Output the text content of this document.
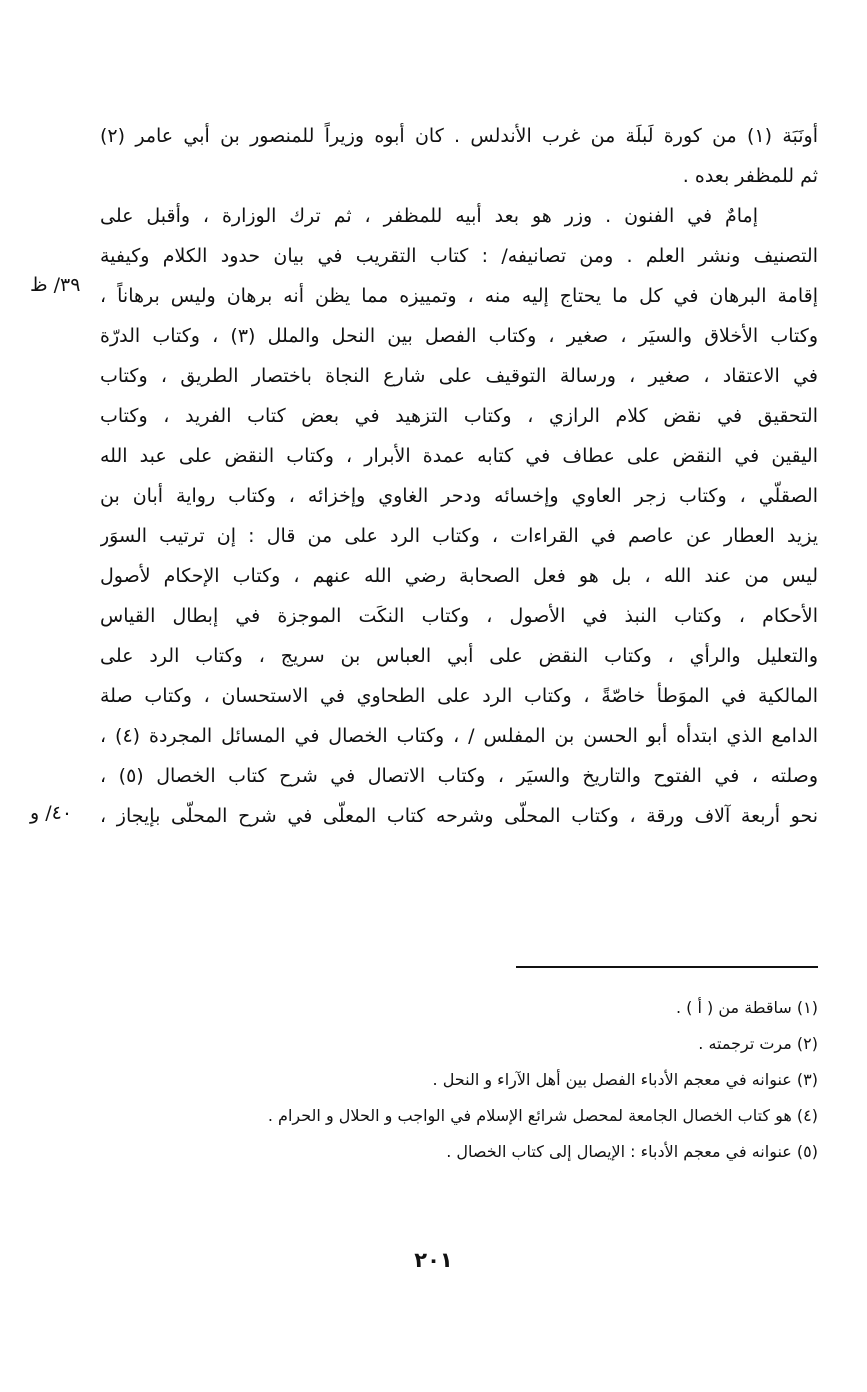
أونَبَة (١) من كورة لَبلَة من غرب الأندلس . كان أبوه وزيراً للمنصور بن أبي عامر (٢)
ثم للمظفر بعده .
إمامٌ في الفنون . وزر هو بعد أبيه للمظفر ، ثم ترك الوزارة ، وأقبل على
التصنيف ونشر العلم . ومن تصانيفه/ : كتاب التقريب في بيان حدود الكلام وكيفية
إقامة البرهان في كل ما يحتاج إليه منه ، وتمييزه مما يظن أنه برهان وليس برهاناً ،
وكتاب الأخلاق والسيَر ، صغير ، وكتاب الفصل بين النحل والملل (٣) ، وكتاب الدرّة
في الاعتقاد ، صغير ، ورسالة التوقيف على شارع النجاة باختصار الطريق ، وكتاب
التحقيق في نقض كلام الرازي ، وكتاب التزهيد في بعض كتاب الفريد ، وكتاب
اليقين في النقض على عطاف في كتابه عمدة الأبرار ، وكتاب النقض على عبد الله
الصقلّي ، وكتاب زجر العاوي وإخسائه ودحر الغاوي وإخزائه ، وكتاب رواية أبان بن
يزيد العطار عن عاصم في القراءات ، وكتاب الرد على من قال : إن ترتيب السوَر
ليس من عند الله ، بل هو فعل الصحابة رضي الله عنهم ، وكتاب الإحكام لأصول
الأحكام ، وكتاب النبذ في الأصول ، وكتاب النكَت الموجزة في إبطال القياس
والتعليل والرأي ، وكتاب النقض على أبي العباس بن سريج ، وكتاب الرد على
المالكية في الموَطأ خاصّةً ، وكتاب الرد على الطحاوي في الاستحسان ، وكتاب صلة
الدامع الذي ابتدأه أبو الحسن بن المفلس / ، وكتاب الخصال في المسائل المجردة (٤) ،
وصلته ، في الفتوح والتاريخ والسيَر ، وكتاب الاتصال في شرح كتاب الخصال (٥) ،
نحو أربعة آلاف ورقة ، وكتاب المحلّى وشرحه كتاب المعلّى في شرح المحلّى بإيجاز ،
٣٩/ ظ
٤٠/ و
(١) ساقطة من ( أ ) .
(٢) مرت ترجمته .
(٣) عنوانه في معجم الأدباء الفصل بين أهل الآراء و النحل .
(٤) هو كتاب الخصال الجامعة لمحصل شرائع الإسلام في الواجب و الحلال و الحرام .
(٥) عنوانه في معجم الأدباء : الإيصال إلى كتاب الخصال .
٢٠١
